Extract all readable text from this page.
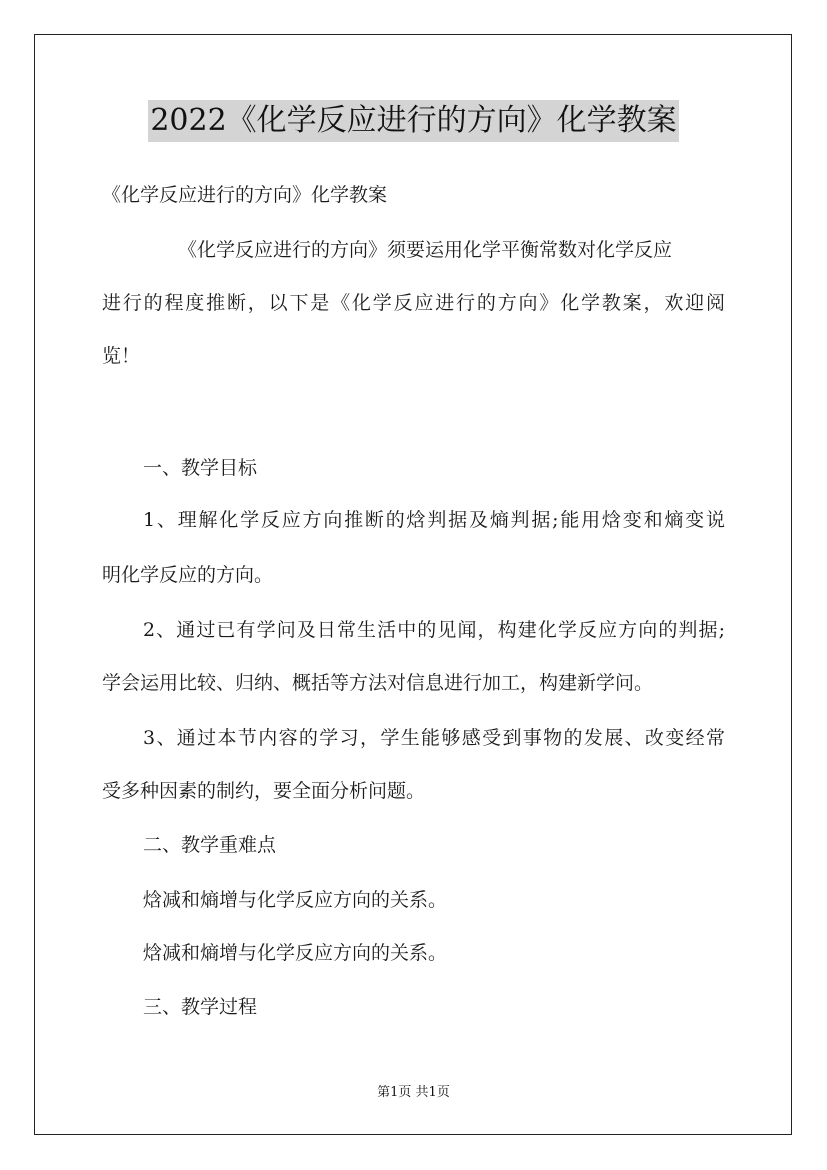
2022《化学反应进行的方向》化学教案
《化学反应进行的方向》化学教案
《化学反应进行的方向》须要运用化学平衡常数对化学反应
进行的程度推断，以下是《化学反应进行的方向》化学教案，欢迎阅
览！
一、教学目标
1、理解化学反应方向推断的焓判据及熵判据;能用焓变和熵变说
明化学反应的方向。
2、通过已有学问及日常生活中的见闻，构建化学反应方向的判据;
学会运用比较、归纳、概括等方法对信息进行加工，构建新学问。
3、通过本节内容的学习，学生能够感受到事物的发展、改变经常
受多种因素的制约，要全面分析问题。
二、教学重难点
焓减和熵增与化学反应方向的关系。
焓减和熵增与化学反应方向的关系。
三、教学过程
第1页 共1页
